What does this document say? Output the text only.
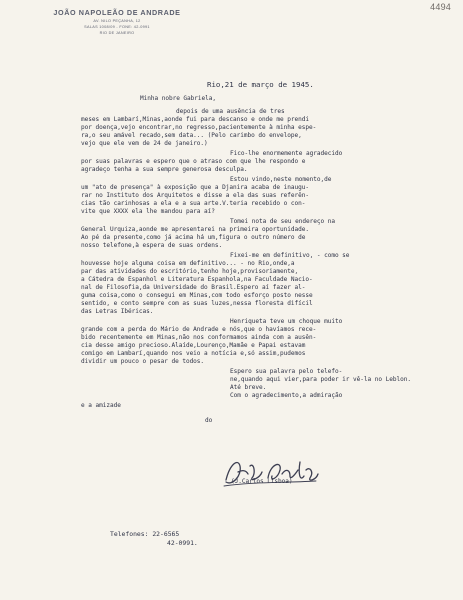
4494
JOÃO NAPOLEÃO DE ANDRADE
AV. NILO PEÇANHA, 12
SALAS 1008/09 - FONE: 42-0991
RIO DE JANEIRO
Rio,21 de março de 1945.
Minha nobre Gabriela,
depois de uma ausência de tres
meses em Lambarí,Minas,aonde fui para descanso e onde me prendi
por doença,vejo encontrar,no regresso,pacientemente à minha espe-
ra,o seu amável recado,sem data... (Pelo carimbo do envelope,
vejo que ele vem de 24 de janeiro.)
Fico-lhe enormemente agradecido
por suas palavras e espero que o atraso com que lhe respondo e
agradeço tenha a sua sempre generosa desculpa.
Estou vindo,neste momento,de
um "ato de presença" à exposição que a Djanira acaba de inaugu-
rar no Instituto dos Arquitetos e disse a ela das suas referên-
cias tão carinhosas a ela e a sua arte.V.teria recebido o con-
vite que XXXX ela lhe mandou para aí?
Tomei nota de seu endereço na
General Urquiza,aonde me apresentarei na primeira oportunidade.
Ao pé da presente,como já acima há um,figura o outro número de
nosso telefone,à espera de suas ordens.
Fixei-me em definitivo, - como se
houvesse hoje alguma coisa em definitivo... - no Rio,onde,a
par das atividades do escritório,tenho hoje,provisoriamente,
a Cátedra de Espanhol e Literatura Espanhola,na Faculdade Nacio-
nal de Filosofia,da Universidade do Brasil.Espero aí fazer al-
guma coisa,como o consegui em Minas,com todo esforço posto nesse
sentido, e conto sempre com as suas luzes,nessa floresta difícil
das Letras Ibéricas.
Henriqueta teve um choque muito
grande com a perda do Mário de Andrade e nós,que o havíamos rece-
bido recentemente em Minas,não nos conformamos ainda com a ausên-
cia desse amigo precioso.Alaíde,Lourenço,Mamãe e Papai estavam
comigo em Lambarí,quando nos veio a notícia e,só assim,pudemos
dividir um pouco o pesar de todos.
Espero sua palavra pelo telefo-
ne,quando aqui vier,para poder ir vê-la no Leblon.
Até breve.
Com o agradecimento,a admiração
e a amizade
do
(J.Carlos Lisboa)
Telefones: 22-6565

42-0991.
